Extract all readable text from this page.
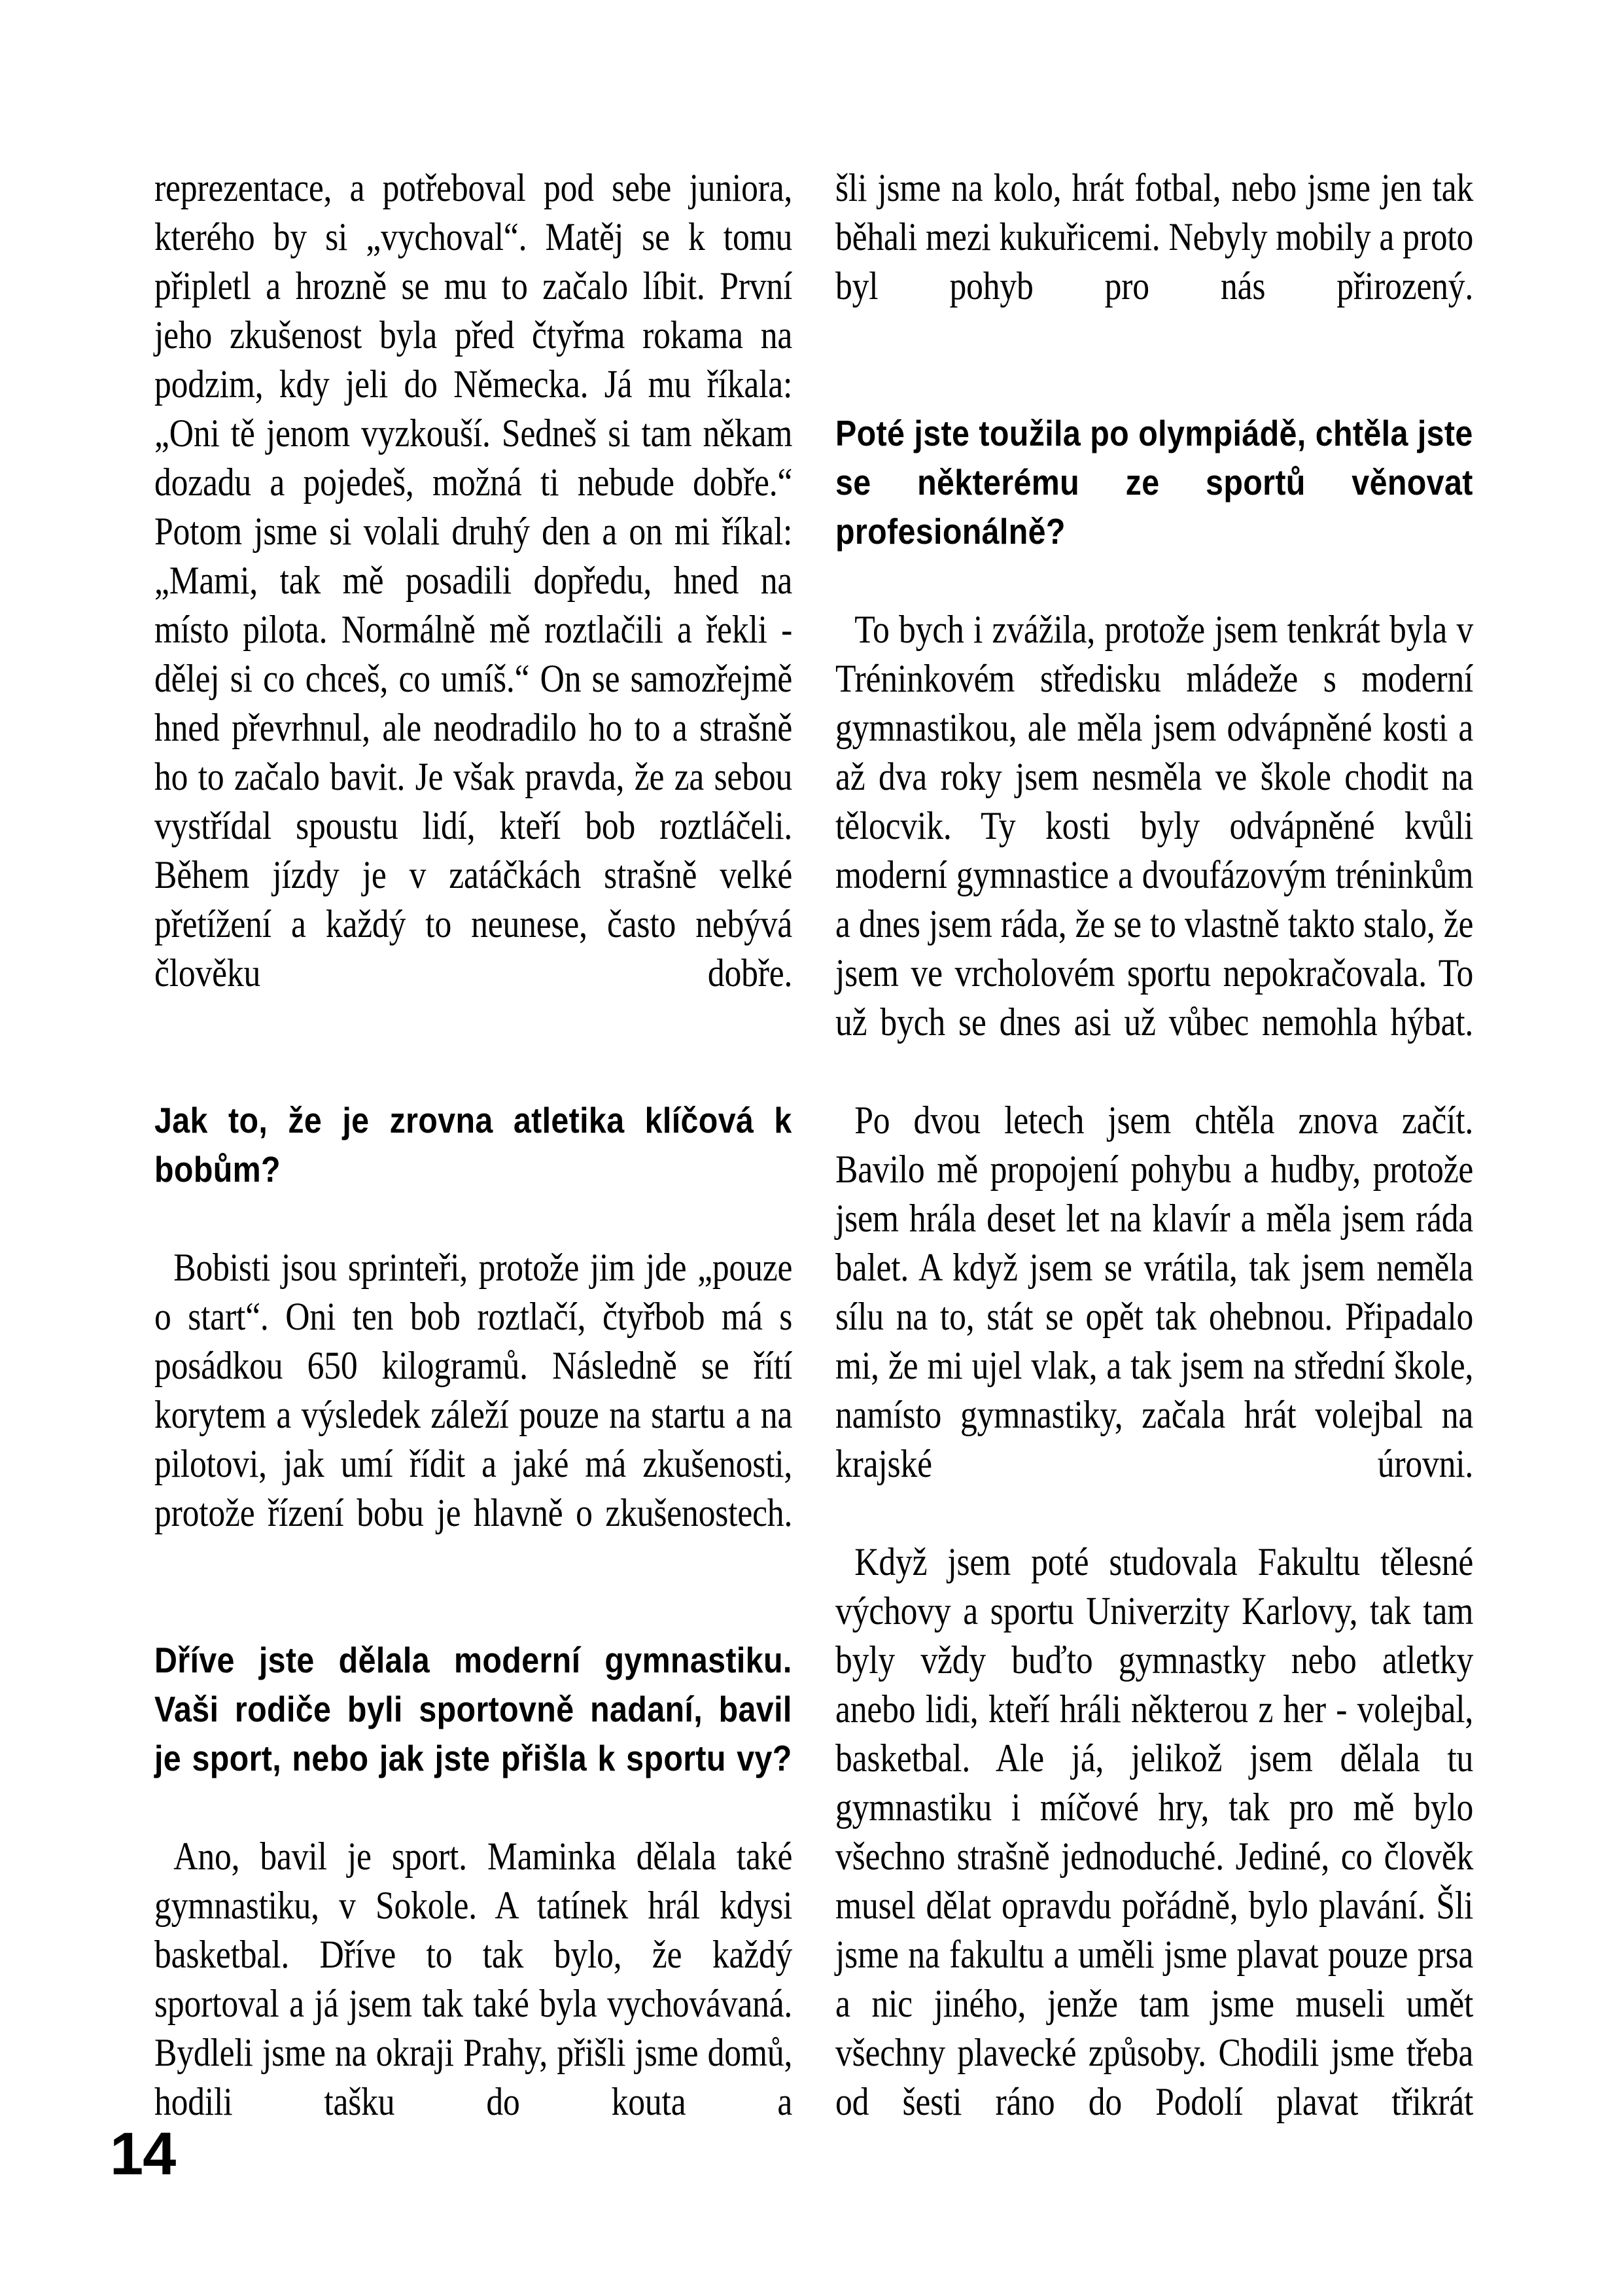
reprezentace, a potřeboval pod sebe juniora, kterého by si „vychoval“. Matěj se k tomu připletl a hrozně se mu to začalo líbit. První jeho zkušenost byla před čtyřma rokama na podzim, kdy jeli do Německa. Já mu říkala: „Oni tě jenom vyzkouší. Sedneš si tam někam dozadu a pojedeš, možná ti nebude dobře.“ Potom jsme si volali druhý den a on mi říkal: „Mami, tak mě posadili dopředu, hned na místo pilota. Normálně mě roztlačili a řekli - dělej si co chceš, co umíš.“ On se samozřejmě hned převrhnul, ale neodradilo ho to a strašně ho to začalo bavit. Je však pravda, že za sebou vystřídal spoustu lidí, kteří bob roztláčeli. Během jízdy je v zatáčkách strašně velké přetížení a každý to neunese, často nebývá člověku dobře.

Jak to, že je zrovna atletika klíčová k bobům?

Bobisti jsou sprinteři, protože jim jde „pouze o start“. Oni ten bob roztlačí, čtyřbob má s posádkou 650 kilogramů. Následně se řítí korytem a výsledek záleží pouze na startu a na pilotovi, jak umí řídit a jaké má zkušenosti, protože řízení bobu je hlavně o zkušenostech.

Dříve jste dělala moderní gymnastiku. Vaši rodiče byli sportovně nadaní, bavil je sport, nebo jak jste přišla k sportu vy?

Ano, bavil je sport. Maminka dělala také gymnastiku, v Sokole. A tatínek hrál kdysi basketbal. Dříve to tak bylo, že každý sportoval a já jsem tak také byla vychovávaná. Bydleli jsme na okraji Prahy, přišli jsme domů, hodili tašku do kouta a

šli jsme na kolo, hrát fotbal, nebo jsme jen tak běhali mezi kukuřicemi. Nebyly mobily a proto byl pohyb pro nás přirozený.

Poté jste toužila po olympiádě, chtěla jste se některému ze sportů věnovat profesionálně?

To bych i zvážila, protože jsem tenkrát byla v Tréninkovém středisku mládeže s moderní gymnastikou, ale měla jsem odvápněné kosti a až dva roky jsem nesměla ve škole chodit na tělocvik. Ty kosti byly odvápněné kvůli moderní gymnastice a dvoufázovým tréninkům a dnes jsem ráda, že se to vlastně takto stalo, že jsem ve vrcholovém sportu nepokračovala. To už bych se dnes asi už vůbec nemohla hýbat.

Po dvou letech jsem chtěla znova začít. Bavilo mě propojení pohybu a hudby, protože jsem hrála deset let na klavír a měla jsem ráda balet. A když jsem se vrátila, tak jsem neměla sílu na to, stát se opět tak ohebnou. Připadalo mi, že mi ujel vlak, a tak jsem na střední škole, namísto gymnastiky, začala hrát volejbal na krajské úrovni.

Když jsem poté studovala Fakultu tělesné výchovy a sportu Univerzity Karlovy, tak tam byly vždy buďto gymnastky nebo atletky anebo lidi, kteří hráli některou z her - volejbal, basketbal. Ale já, jelikož jsem dělala tu gymnastiku i míčové hry, tak pro mě bylo všechno strašně jednoduché. Jediné, co člověk musel dělat opravdu pořádně, bylo plavání. Šli jsme na fakultu a uměli jsme plavat pouze prsa a nic jiného, jenže tam jsme museli umět všechny plavecké způsoby. Chodili jsme třeba od šesti ráno do Podolí plavat třikrát

14
